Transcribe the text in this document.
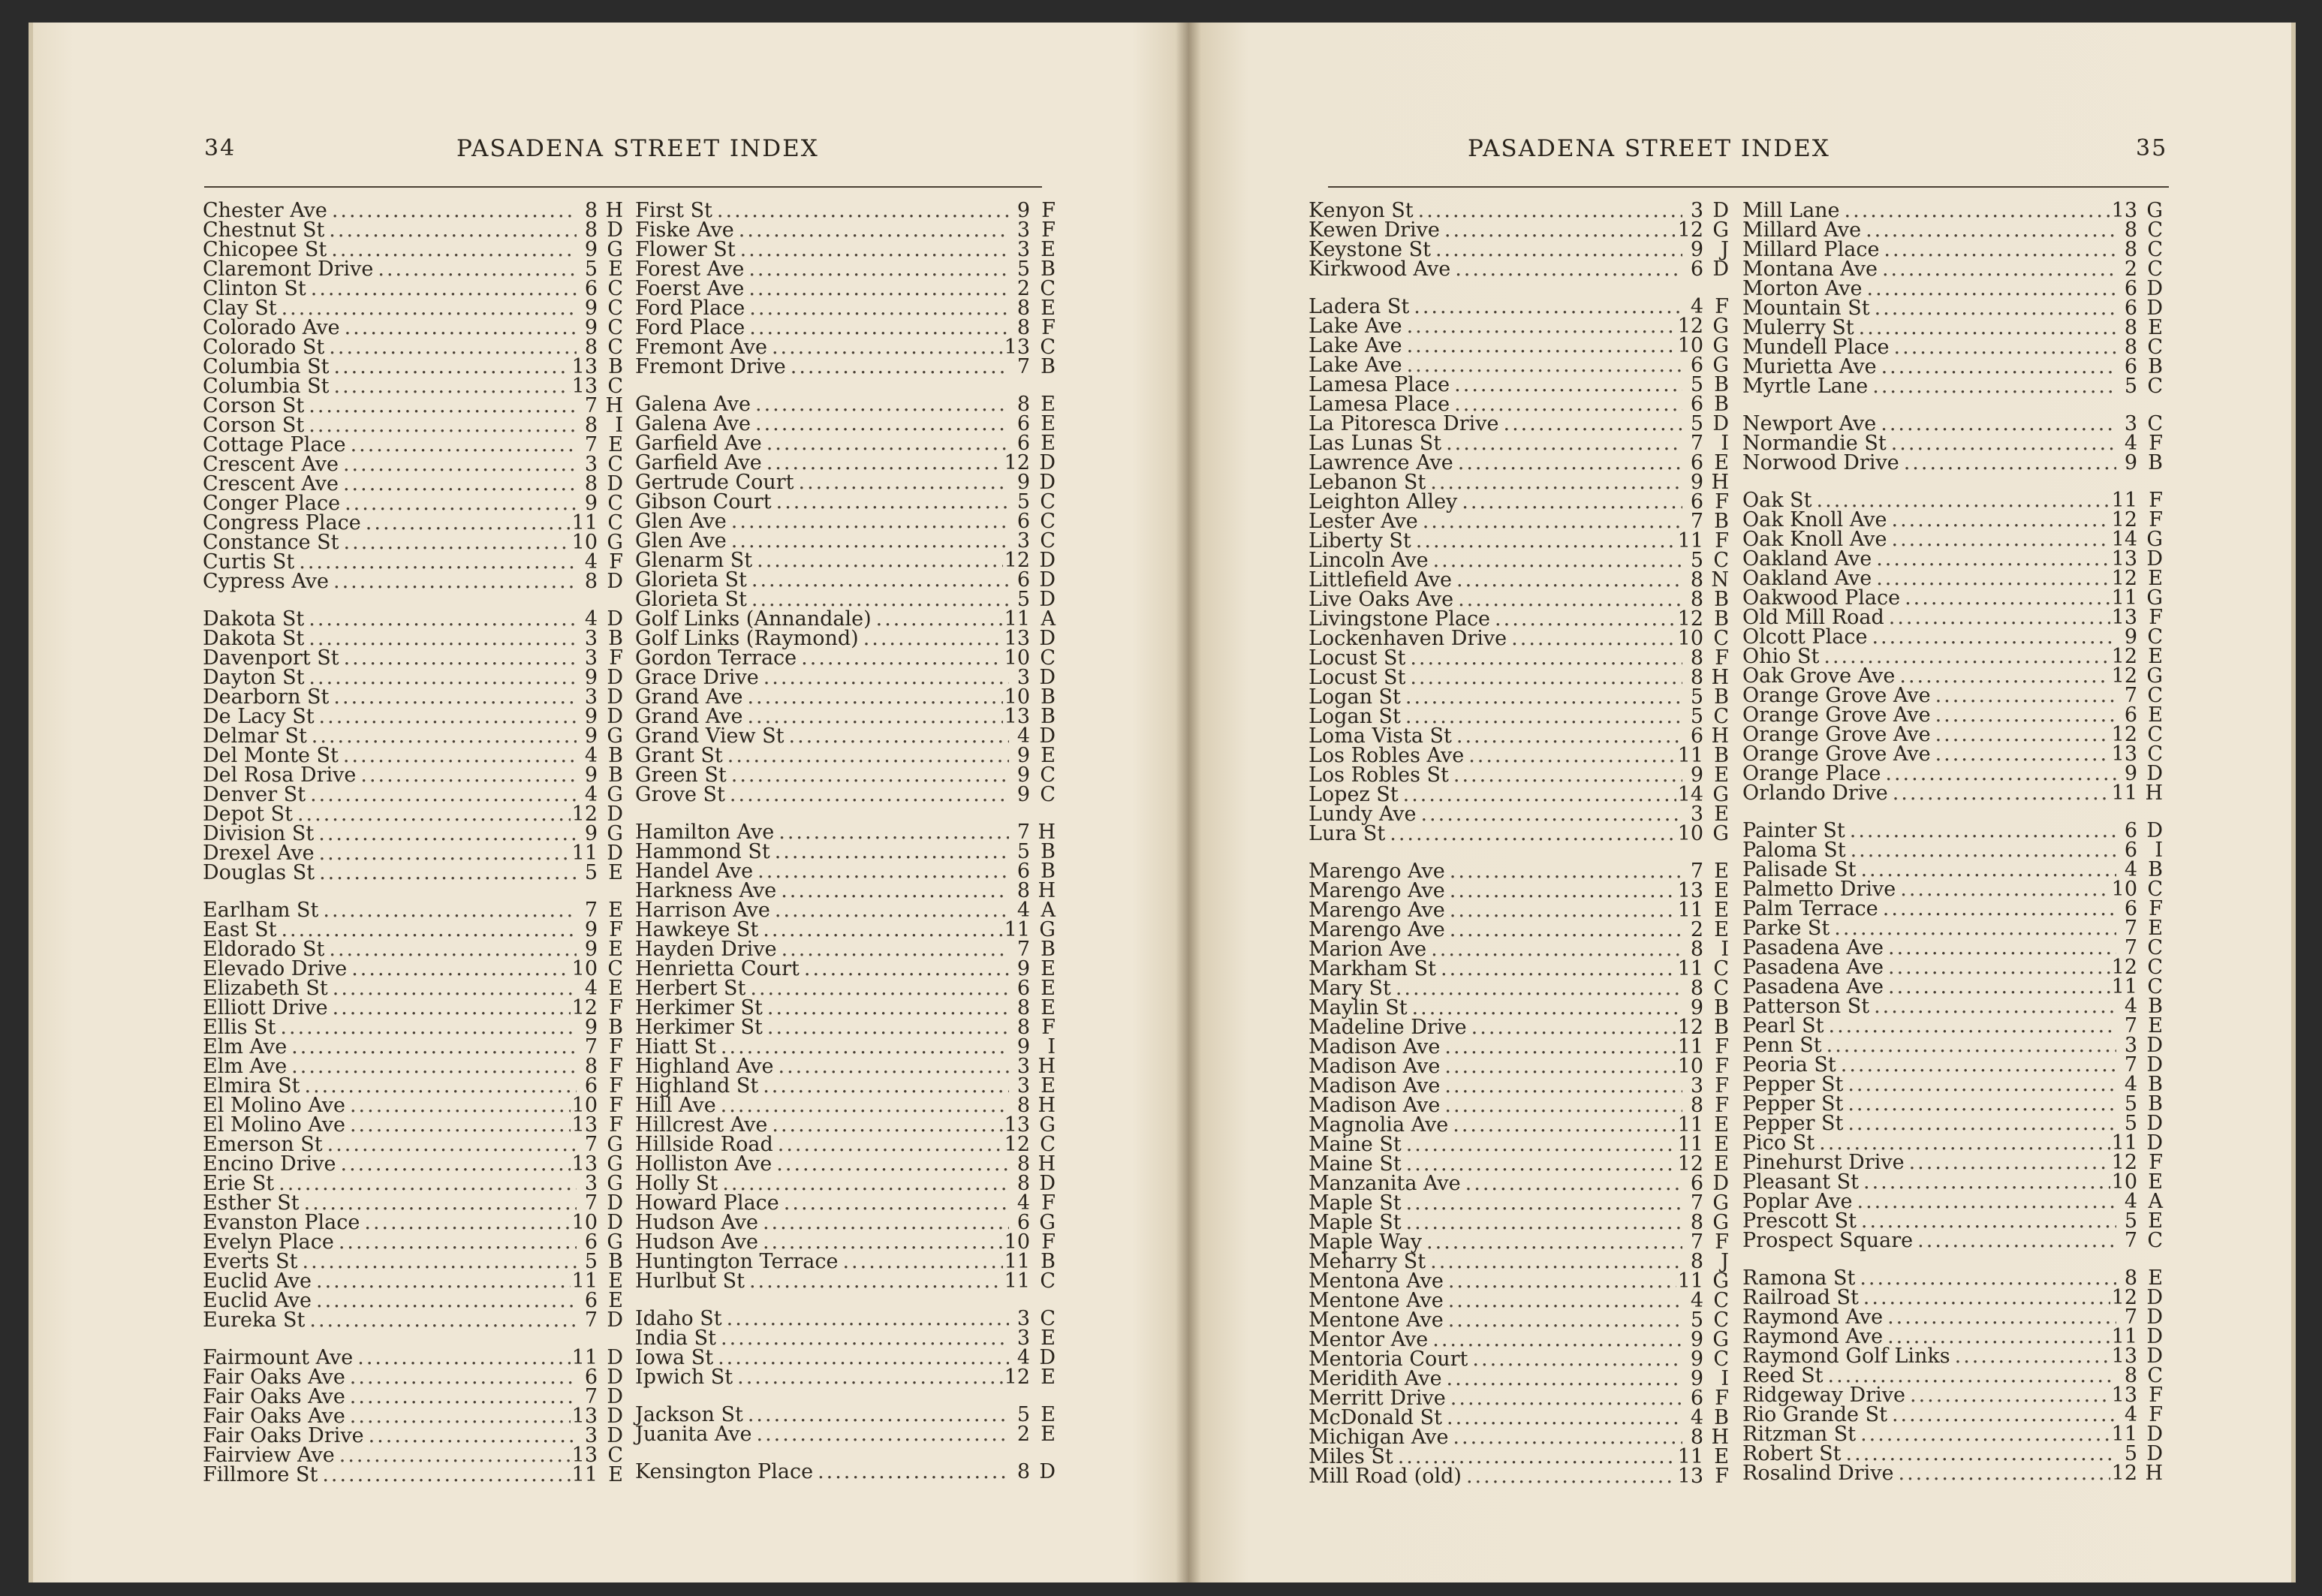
34	PASADENA STREET INDEX
Chester Ave .....	8 H
Chestnut St .....	8 D
Chicopee St .....	9 G
Claremont Drive .....	5 E
Clinton St .....	6 C
Clay St .....	9 C
Colorado Ave .....	9 C
Colorado St .....	8 C
Columbia St .....	13 B
Columbia St .....	13 C
Corson St .....	7 H
Corson St .....	8 I
Cottage Place .....	7 E
Crescent Ave .....	3 C
Crescent Ave .....	8 D
Conger Place .....	9 C
Congress Place .....	11 C
Constance St .....	10 G
Curtis St .....	4 F
Cypress Ave .....	8 D
Dakota St .....	4 D
Dakota St .....	3 B
Davenport St .....	3 F
Dayton St .....	9 D
Dearborn St .....	3 D
De Lacy St .....	9 D
Delmar St .....	9 G
Del Monte St .....	4 B
Del Rosa Drive .....	9 B
Denver St .....	4 G
Depot St .....	12 D
Division St .....	9 G
Drexel Ave .....	11 D
Douglas St .....	5 E
Earlham St .....	7 E
East St .....	9 F
Eldorado St .....	9 E
Elevado Drive .....	10 C
Elizabeth St .....	4 E
Elliott Drive .....	12 F
Ellis St .....	9 B
Elm Ave .....	7 F
Elm Ave .....	8 F
Elmira St .....	6 F
El Molino Ave .....	10 F
El Molino Ave .....	13 F
Emerson St .....	7 G
Encino Drive .....	13 G
Erie St .....	3 G
Esther St .....	7 D
Evanston Place .....	10 D
Evelyn Place .....	6 G
Everts St .....	5 B
Euclid Ave .....	11 E
Euclid Ave .....	6 E
Eureka St .....	7 D
Fairmount Ave .....	11 D
Fair Oaks Ave .....	6 D
Fair Oaks Ave .....	7 D
Fair Oaks Ave .....	13 D
Fair Oaks Drive .....	3 D
Fairview Ave .....	13 C
Fillmore St .....	11 E
First St .....	9 F
Fiske Ave .....	3 F
Flower St .....	3 E
Forest Ave .....	5 B
Foerst Ave .....	2 C
Ford Place .....	8 E
Ford Place .....	8 F
Fremont Ave .....	13 C
Fremont Drive .....	7 B
Galena Ave .....	8 E
Galena Ave .....	6 E
Garfield Ave .....	6 E
Garfield Ave .....	12 D
Gertrude Court .....	9 D
Gibson Court .....	5 C
Glen Ave .....	6 C
Glen Ave .....	3 C
Glenarm St .....	12 D
Glorieta St .....	6 D
Glorieta St .....	5 D
Golf Links (Annandale) .....	11 A
Golf Links (Raymond) .....	13 D
Gordon Terrace .....	10 C
Grace Drive .....	3 D
Grand Ave .....	10 B
Grand Ave .....	13 B
Grand View St .....	4 D
Grant St .....	9 E
Green St .....	9 C
Grove St .....	9 C
Hamilton Ave .....	7 H
Hammond St .....	5 B
Handel Ave .....	6 B
Harkness Ave .....	8 H
Harrison Ave .....	4 A
Hawkeye St .....	11 G
Hayden Drive .....	7 B
Henrietta Court .....	9 E
Herbert St .....	6 E
Herkimer St .....	8 E
Herkimer St .....	8 F
Hiatt St .....	9 I
Highland Ave .....	3 H
Highland St .....	3 E
Hill Ave .....	8 H
Hillcrest Ave .....	13 G
Hillside Road .....	12 C
Holliston Ave .....	8 H
Holly St .....	8 D
Howard Place .....	4 F
Hudson Ave .....	6 G
Hudson Ave .....	10 F
Huntington Terrace .....	11 B
Hurlbut St .....	11 C
Idaho St .....	3 C
India St .....	3 E
Iowa St .....	4 D
Ipwich St .....	12 E
Jackson St .....	5 E
Juanita Ave .....	2 E
Kensington Place .....	8 D
PASADENA STREET INDEX	35
Kenyon St .....	3 D
Kewen Drive .....	12 G
Keystone St .....	9 J
Kirkwood Ave .....	6 D
Ladera St .....	4 F
Lake Ave .....	12 G
Lake Ave .....	10 G
Lake Ave .....	6 G
Lamesa Place .....	5 B
Lamesa Place .....	6 B
La Pitoresca Drive .....	5 D
Las Lunas St .....	7 I
Lawrence Ave .....	6 E
Lebanon St .....	9 H
Leighton Alley .....	6 F
Lester Ave .....	7 B
Liberty St .....	11 F
Lincoln Ave .....	5 C
Littlefield Ave .....	8 N
Live Oaks Ave .....	8 B
Livingstone Place .....	12 B
Lockenhaven Drive .....	10 C
Locust St .....	8 F
Locust St .....	8 H
Logan St .....	5 B
Logan St .....	5 C
Loma Vista St .....	6 H
Los Robles Ave .....	11 B
Los Robles St .....	9 E
Lopez St .....	14 G
Lundy Ave .....	3 E
Lura St .....	10 G
Marengo Ave .....	7 E
Marengo Ave .....	13 E
Marengo Ave .....	11 E
Marengo Ave .....	2 E
Marion Ave .....	8 I
Markham St .....	11 C
Mary St .....	8 C
Maylin St .....	9 B
Madeline Drive .....	12 B
Madison Ave .....	11 F
Madison Ave .....	10 F
Madison Ave .....	3 F
Madison Ave .....	8 F
Magnolia Ave .....	11 E
Maine St .....	11 E
Maine St .....	12 E
Manzanita Ave .....	6 D
Maple St .....	7 G
Maple St .....	8 G
Maple Way .....	7 F
Meharry St .....	8 J
Mentona Ave .....	11 G
Mentone Ave .....	4 C
Mentone Ave .....	5 C
Mentor Ave .....	9 G
Mentoria Court .....	9 C
Meridith Ave .....	9 I
Merritt Drive .....	6 F
McDonald St .....	4 B
Michigan Ave .....	8 H
Miles St .....	11 E
Mill Road (old) .....	13 F
Mill Lane .....	13 G
Millard Ave .....	8 C
Millard Place .....	8 C
Montana Ave .....	2 C
Morton Ave .....	6 D
Mountain St .....	6 D
Mulerry St .....	8 E
Mundell Place .....	8 C
Murietta Ave .....	6 B
Myrtle Lane .....	5 C
Newport Ave .....	3 C
Normandie St .....	4 F
Norwood Drive .....	9 B
Oak St .....	11 F
Oak Knoll Ave .....	12 F
Oak Knoll Ave .....	14 G
Oakland Ave .....	13 D
Oakland Ave .....	12 E
Oakwood Place .....	11 G
Old Mill Road .....	13 F
Olcott Place .....	9 C
Ohio St .....	12 E
Oak Grove Ave .....	12 G
Orange Grove Ave .....	7 C
Orange Grove Ave .....	6 E
Orange Grove Ave .....	12 C
Orange Grove Ave .....	13 C
Orange Place .....	9 D
Orlando Drive .....	11 H
Painter St .....	6 D
Paloma St .....	6 I
Palisade St .....	4 B
Palmetto Drive .....	10 C
Palm Terrace .....	6 F
Parke St .....	7 E
Pasadena Ave .....	7 C
Pasadena Ave .....	12 C
Pasadena Ave .....	11 C
Patterson St .....	4 B
Pearl St .....	7 E
Penn St .....	3 D
Peoria St .....	7 D
Pepper St .....	4 B
Pepper St .....	5 B
Pepper St .....	5 D
Pico St .....	11 D
Pinehurst Drive .....	12 F
Pleasant St .....	10 E
Poplar Ave .....	4 A
Prescott St .....	5 E
Prospect Square .....	7 C
Ramona St .....	8 E
Railroad St .....	12 D
Raymond Ave .....	7 D
Raymond Ave .....	11 D
Raymond Golf Links .....	13 D
Reed St .....	8 C
Ridgeway Drive .....	13 F
Rio Grande St .....	4 F
Ritzman St .....	11 D
Robert St .....	5 D
Rosalind Drive .....	12 H
